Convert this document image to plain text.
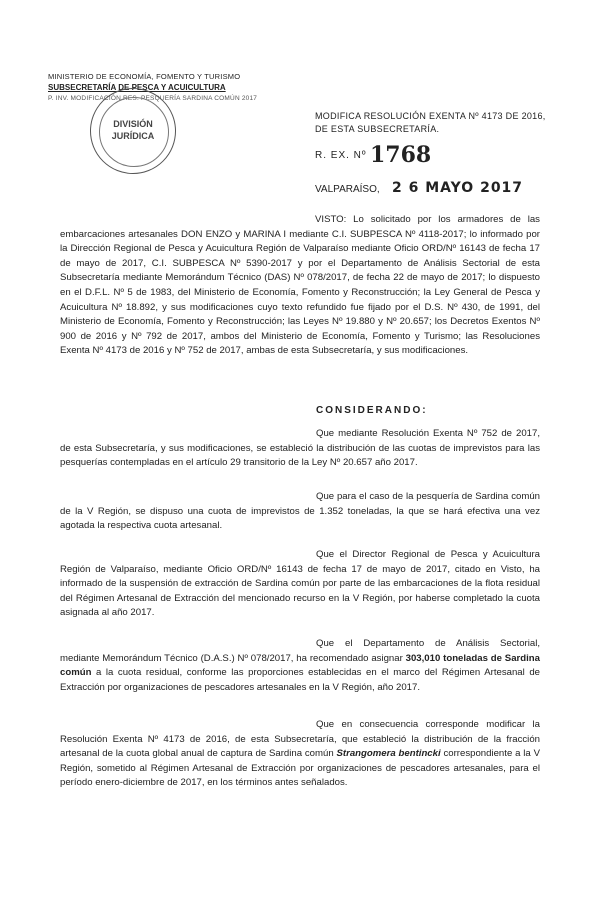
MINISTERIO DE ECONOMÍA, FOMENTO Y TURISMO
SUBSECRETARÍA DE PESCA Y ACUICULTURA
P. INV. MODIFICACIÓN RES. PESQUERÍA SARDINA COMÚN 2017
DIVISIÓN
JURÍDICA
MODIFICA RESOLUCIÓN EXENTA Nº 4173 DE 2016,
DE ESTA SUBSECRETARÍA.
R. EX. Nº 1768
VALPARAÍSO, 2 6 MAYO 2017

VISTO: Lo solicitado por los armadores de las embarcaciones artesanales DON ENZO y MARINA I mediante C.I. SUBPESCA Nº 4118-2017; lo informado por la Dirección Regional de Pesca y Acuicultura Región de Valparaíso mediante Oficio ORD/Nº 16143 de fecha 17 de mayo de 2017, C.I. SUBPESCA Nº 5390-2017 y por el Departamento de Análisis Sectorial de esta Subsecretaría mediante Memorándum Técnico (DAS) Nº 078/2017, de fecha 22 de mayo de 2017; lo dispuesto en el D.F.L. Nº 5 de 1983, del Ministerio de Economía, Fomento y Reconstrucción; la Ley General de Pesca y Acuicultura Nº 18.892, y sus modificaciones cuyo texto refundido fue fijado por el D.S. Nº 430, de 1991, del Ministerio de Economía, Fomento y Reconstrucción; las Leyes Nº 19.880 y Nº 20.657; los Decretos Exentos Nº 900 de 2016 y Nº 792 de 2017, ambos del Ministerio de Economía, Fomento y Turismo; las Resoluciones Exenta Nº 4173 de 2016 y Nº 752 de 2017, ambas de esta Subsecretaría, y sus modificaciones.

CONSIDERANDO:

Que mediante Resolución Exenta Nº 752 de 2017, de esta Subsecretaría, y sus modificaciones, se estableció la distribución de las cuotas de imprevistos para las pesquerías contempladas en el artículo 29 transitorio de la Ley Nº 20.657 año 2017.

Que para el caso de la pesquería de Sardina común de la V Región, se dispuso una cuota de imprevistos de 1.352 toneladas, la que se hará efectiva una vez agotada la respectiva cuota artesanal.

Que el Director Regional de Pesca y Acuicultura Región de Valparaíso, mediante Oficio ORD/Nº 16143 de fecha 17 de mayo de 2017, citado en Visto, ha informado de la suspensión de extracción de Sardina común por parte de las embarcaciones de la flota residual del Régimen Artesanal de Extracción del mencionado recurso en la V Región, por haberse completado la cuota asignada al año 2017.

Que el Departamento de Análisis Sectorial, mediante Memorándum Técnico (D.A.S.) Nº 078/2017, ha recomendado asignar 303,010 toneladas de Sardina común a la cuota residual, conforme las proporciones establecidas en el marco del Régimen Artesanal de Extracción por organizaciones de pescadores artesanales en la V Región, año 2017.

Que en consecuencia corresponde modificar la Resolución Exenta Nº 4173 de 2016, de esta Subsecretaría, que estableció la distribución de la fracción artesanal de la cuota global anual de captura de Sardina común Strangomera bentincki correspondiente a la V Región, sometido al Régimen Artesanal de Extracción por organizaciones de pescadores artesanales, para el período enero-diciembre de 2017, en los términos antes señalados.
